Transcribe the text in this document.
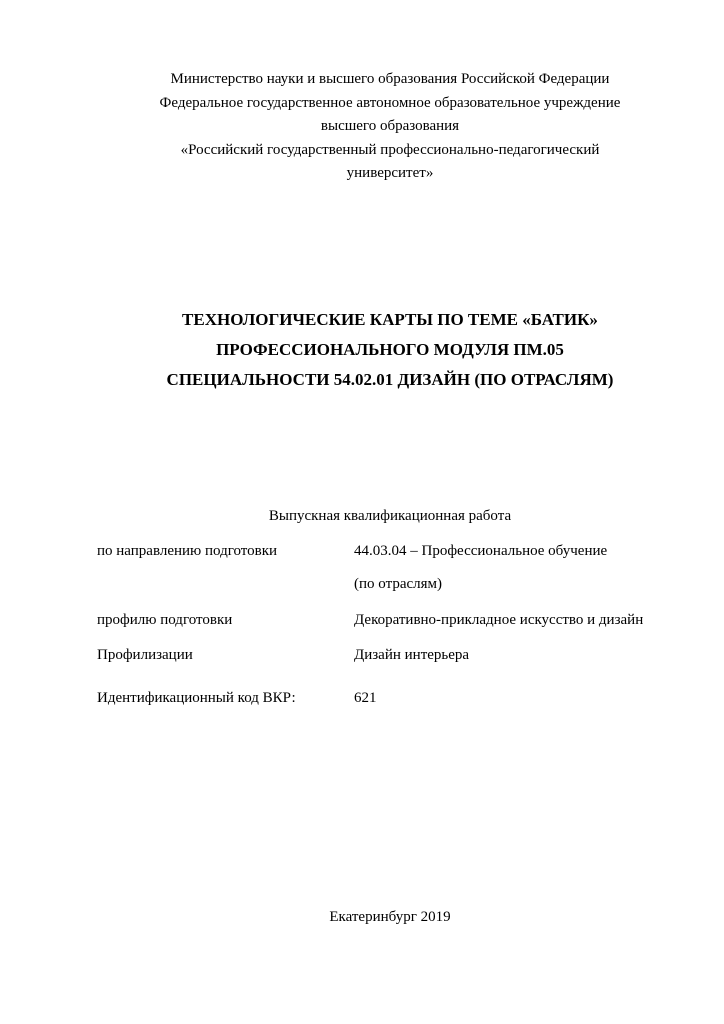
Министерство науки и высшего образования Российской Федерации
Федеральное государственное автономное образовательное учреждение
высшего образования
«Российский государственный профессионально-педагогический
университет»
ТЕХНОЛОГИЧЕСКИЕ КАРТЫ ПО ТЕМЕ «БАТИК»
ПРОФЕССИОНАЛЬНОГО МОДУЛЯ ПМ.05
СПЕЦИАЛЬНОСТИ 54.02.01 ДИЗАЙН (ПО ОТРАСЛЯМ)
Выпускная квалификационная работа
по направлению подготовки	44.03.04 – Профессиональное обучение
(по отраслям)
профилю подготовки	Декоративно-прикладное искусство и дизайн
Профилизации	Дизайн интерьера
Идентификационный код ВКР:	621
Екатеринбург 2019
